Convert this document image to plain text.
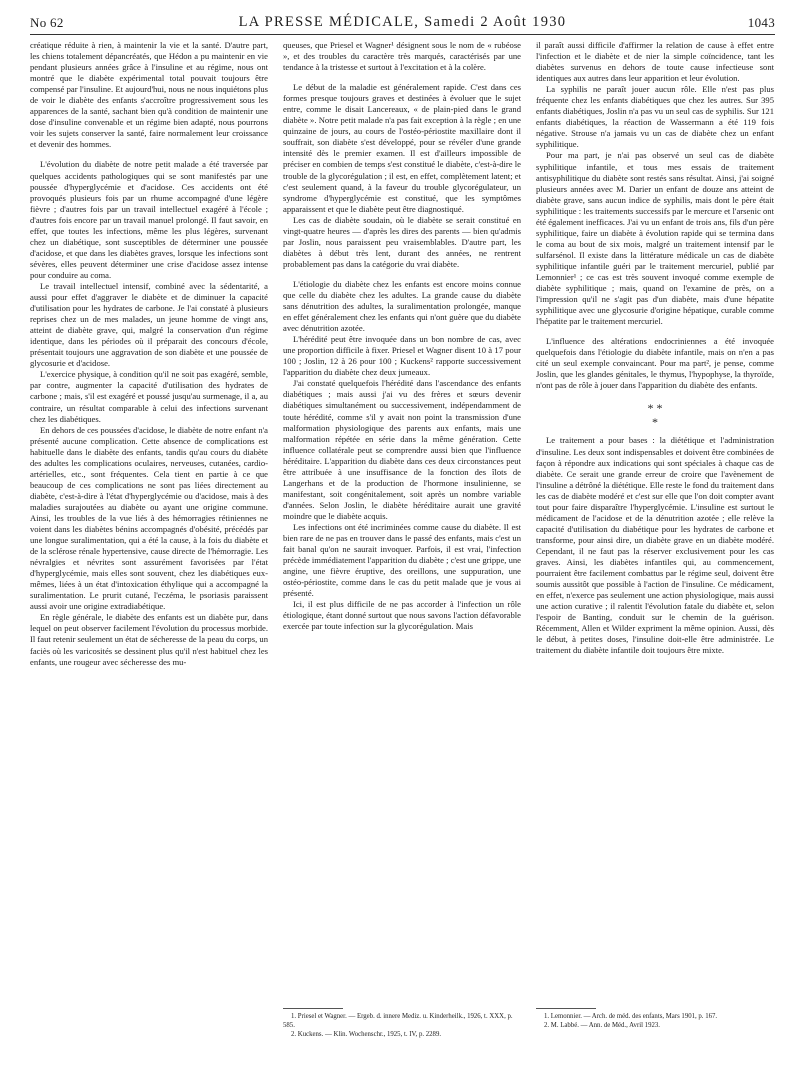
No 62	LA PRESSE MÉDICALE, Samedi 2 Août 1930	1043

créatique réduite à rien, à maintenir la vie et la santé. D'autre part, les chiens totalement dépancréatés, que Hédon a pu maintenir en vie pendant plusieurs années grâce à l'insuline et au régime, nous ont montré que le diabète expérimental total pouvait toujours être compensé par l'insuline. Et aujourd'hui, nous ne nous inquiétons plus de voir le diabète des enfants s'accroître progressivement sous les apparences de la santé, sachant bien qu'à condition de maintenir une dose d'insuline convenable et un régime bien adapté, nous pourrons voir les sujets conserver la santé, faire normalement leur croissance et devenir des hommes.

L'évolution du diabète de notre petit malade a été traversée par quelques accidents pathologiques qui se sont manifestés par une poussée d'hyperglycémie et d'acidose. Ces accidents ont été provoqués plusieurs fois par un rhume accompagné d'une légère fièvre ; d'autres fois par un travail intellectuel exagéré à l'école ; d'autres fois encore par un travail manuel prolongé. Il faut savoir, en effet, que toutes les infections, même les plus légères, survenant chez un diabétique, sont susceptibles de déterminer une poussée d'acidose, et que dans les diabètes graves, lorsque les infections sont sévères, elles peuvent déterminer une crise d'acidose assez intense pour conduire au coma.

Le travail intellectuel intensif, combiné avec la sédentarité, a aussi pour effet d'aggraver le diabète et de diminuer la capacité d'utilisation pour les hydrates de carbone. Je l'ai constaté à plusieurs reprises chez un de mes malades, un jeune homme de vingt ans, atteint de diabète grave, qui, malgré la conservation d'un régime identique, dans les périodes où il préparait des concours d'école, présentait toujours une aggravation de son diabète et une poussée de glycosurie et d'acidose.

L'exercice physique, à condition qu'il ne soit pas exagéré, semble, par contre, augmenter la capacité d'utilisation des hydrates de carbone ; mais, s'il est exagéré et poussé jusqu'au surmenage, il a, au contraire, un résultat comparable à celui des infections survenant chez les diabétiques.

En dehors de ces poussées d'acidose, le diabète de notre enfant n'a présenté aucune complication. Cette absence de complications est habituelle dans le diabète des enfants, tandis qu'au cours du diabète des adultes les complications oculaires, nerveuses, cutanées, cardio-artérielles, etc., sont fréquentes. Cela tient en partie à ce que beaucoup de ces complications ne sont pas liées directement au diabète, c'est-à-dire à l'état d'hyperglycémie ou d'acidose, mais à des maladies surajoutées au diabète ou ayant une origine commune. Ainsi, les troubles de la vue liés à des hémorragies rétiniennes ne voient dans les diabètes bénins accompagnés d'obésité, précédés par une longue suralimentation, qui a été la cause, à la fois du diabète et de la sclérose rénale hypertensive, cause directe de l'hémorragie. Les névralgies et névrites sont assurément favorisées par l'état d'hyperglycémie, mais elles sont souvent, chez les diabétiques eux-mêmes, liées à un état d'intoxication éthylique qui a accompagné la suralimentation. Le prurit cutané, l'eczéma, le psoriasis paraissent aussi avoir une origine extradiabétique.

En règle générale, le diabète des enfants est un diabète pur, dans lequel on peut observer facilement l'évolution du processus morbide. Il faut retenir seulement un état de sécheresse de la peau du corps, un faciès où les varicosités se dessinent plus qu'il n'est habituel chez les enfants, une rougeur avec sécheresse des mu-

queuses, que Priesel et Wagner¹ désignent sous le nom de « rubéose », et des troubles du caractère très marqués, caractérisés par une tendance à la tristesse et surtout à l'excitation et à la colère.

Le début de la maladie est généralement rapide. C'est dans ces formes presque toujours graves et destinées à évoluer que le sujet entre, comme le disait Lancereaux, « de plain-pied dans le grand diabète ». Notre petit malade n'a pas fait exception à la règle ; en une quinzaine de jours, au cours de l'ostéo-périostite maxillaire dont il souffrait, son diabète s'est développé, pour se révéler d'une grande intensité dès le premier examen. Il est d'ailleurs impossible de préciser en combien de temps s'est constitué le diabète, c'est-à-dire le trouble de la glycorégulation ; il est, en effet, complètement latent; et c'est seulement quand, à la faveur du trouble glycorégulateur, un syndrome d'hyperglycémie est constitué, que les symptômes apparaissent et que le diabète peut être diagnostiqué.

Les cas de diabète soudain, où le diabète se serait constitué en vingt-quatre heures — d'après les dires des parents — bien qu'admis par Joslin, nous paraissent peu vraisemblables. D'autre part, les diabètes à début très lent, durant des années, ne rentrent probablement pas dans la catégorie du vrai diabète.

L'étiologie du diabète chez les enfants est encore moins connue que celle du diabète chez les adultes. La grande cause du diabète sans dénutrition des adultes, la suralimentation prolongée, manque en effet généralement chez les enfants qui n'ont guère que du diabète avec dénutrition azotée.

L'hérédité peut être invoquée dans un bon nombre de cas, avec une proportion difficile à fixer. Priesel et Wagner disent 10 à 17 pour 100 ; Joslin, 12 à 26 pour 100 ; Kuckens² rapporte successivement l'apparition du diabète chez deux jumeaux.

J'ai constaté quelquefois l'hérédité dans l'ascendance des enfants diabétiques ; mais aussi j'ai vu des frères et sœurs devenir diabétiques simultanément ou successivement, indépendamment de toute hérédité, comme s'il y avait non point la transmission d'une malformation physiologique des parents aux enfants, mais une malformation répétée en série dans la même génération. Cette influence collatérale peut se comprendre aussi bien que l'influence héréditaire. L'apparition du diabète dans ces deux circonstances peut être attribuée à une insuffisance de la fonction des îlots de Langerhans et de la production de l'hormone insulinienne, se manifestant, soit congénitalement, soit après un nombre variable d'années. Selon Joslin, le diabète héréditaire aurait une gravité moindre que le diabète acquis.

Les infections ont été incriminées comme cause du diabète. Il est bien rare de ne pas en trouver dans le passé des enfants, mais c'est un fait banal qu'on ne saurait invoquer. Parfois, il est vrai, l'infection précède immédiatement l'apparition du diabète ; c'est une grippe, une angine, une fièvre éruptive, des oreillons, une suppuration, une ostéo-périostite, comme dans le cas du petit malade que je vous ai présenté.

Ici, il est plus difficile de ne pas accorder à l'infection un rôle étiologique, étant donné surtout que nous savons l'action défavorable exercée par toute infection sur la glycorégulation. Mais

il paraît aussi difficile d'affirmer la relation de cause à effet entre l'infection et le diabète et de nier la simple coïncidence, tant les diabètes survenus en dehors de toute cause infectieuse sont identiques aux autres dans leur apparition et leur évolution.

La syphilis ne paraît jouer aucun rôle. Elle n'est pas plus fréquente chez les enfants diabétiques que chez les autres. Sur 395 enfants diabétiques, Joslin n'a pas vu un seul cas de syphilis. Sur 121 enfants diabétiques, la réaction de Wassermann a été 119 fois négative. Strouse n'a jamais vu un cas de diabète chez un enfant syphilitique.

Pour ma part, je n'ai pas observé un seul cas de diabète syphilitique infantile, et tous mes essais de traitement antisyphilitique du diabète sont restés sans résultat. Ainsi, j'ai soigné plusieurs années avec M. Darier un enfant de douze ans atteint de diabète grave, sans aucun indice de syphilis, mais dont le père était syphilitique : les traitements successifs par le mercure et l'arsenic ont été également inefficaces. J'ai vu un enfant de trois ans, fils d'un père syphilitique, faire un diabète à évolution rapide qui se termina dans le coma au bout de six mois, malgré un traitement intensif par le sulfarsénol. Il existe dans la littérature médicale un cas de diabète syphilitique infantile guéri par le traitement mercuriel, publié par Lemonnier¹ ; ce cas est très souvent invoqué comme exemple de diabète syphilitique ; mais, quand on l'examine de près, on a l'impression qu'il ne s'agit pas d'un diabète, mais d'une hépatite syphilitique avec une glycosurie d'origine hépatique, curable comme l'hépatite par le traitement mercuriel.

L'influence des altérations endocriniennes a été invoquée quelquefois dans l'étiologie du diabète infantile, mais on n'en a pas cité un seul exemple convaincant. Pour ma part², je pense, comme Joslin, que les glandes génitales, le thymus, l'hypophyse, la thyroïde, n'ont pas de rôle à jouer dans l'apparition du diabète des enfants.

* *
*

Le traitement a pour bases : la diététique et l'administration d'insuline. Les deux sont indispensables et doivent être combinées de façon à répondre aux indications qui sont spéciales à chaque cas de diabète. Ce serait une grande erreur de croire que l'avènement de l'insuline a détrôné la diététique. Elle reste le fond du traitement dans les cas de diabète modéré et c'est sur elle que l'on doit compter avant tout pour faire disparaître l'hyperglycémie. L'insuline est surtout le médicament de l'acidose et de la dénutrition azotée ; elle relève la capacité d'utilisation du diabétique pour les hydrates de carbone et transforme, pour ainsi dire, un diabète grave en un diabète modéré. Cependant, il ne faut pas la réserver exclusivement pour les cas graves. Ainsi, les diabètes infantiles qui, au commencement, pourraient être facilement combattus par le régime seul, doivent être soumis aussitôt que possible à l'action de l'insuline. Ce médicament, en effet, n'exerce pas seulement une action physiologique, mais aussi une action curative ; il ralentit l'évolution fatale du diabète et, selon l'espoir de Banting, conduit sur le chemin de la guérison. Récemment, Allen et Wilder expriment la même opinion. Aussi, dès le début, à petites doses, l'insuline doit-elle être administrée. Le traitement du diabète infantile doit toujours être mixte.

1. Priesel et Wagner. — Ergeb. d. innere Mediz. u. Kinderheilk., 1926, t. XXX, p. 585.

2. Kuckens. — Klin. Wochenschr., 1925, t. IV, p. 2289.

1. Lemonnier. — Arch. de méd. des enfants, Mars 1901, p. 167.

2. M. Labbé. — Ann. de Méd., Avril 1923.
